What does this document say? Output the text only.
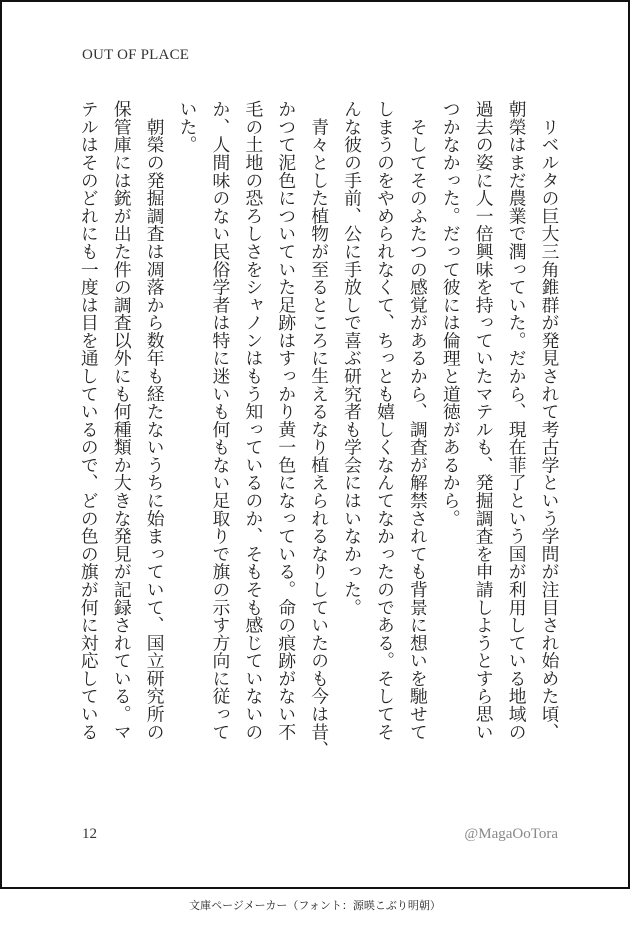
OUT OF PLACE
　リベルタの巨大三角錐群が発見されて考古学という学問が注目され始めた頃、
朝榮はまだ農業で潤っていた。だから、現在菲了という国が利用している地域の
過去の姿に人一倍興味を持っていたマテルも、発掘調査を申請しようとすら思い
つかなかった。だって彼には倫理と道徳があるから。
　そしてそのふたつの感覚があるから、調査が解禁されても背景に想いを馳せて
しまうのをやめられなくて、ちっとも嬉しくなんてなかったのである。そしてそ
んな彼の手前、公に手放しで喜ぶ研究者も学会にはいなかった。
　青々とした植物が至るところに生えるなり植えられるなりしていたのも今は昔、
かつて泥色についていた足跡はすっかり黄一色になっている。命の痕跡がない不
毛の土地の恐ろしさをシャノンはもう知っているのか、そもそも感じていないの
か、人間味のない民俗学者は特に迷いも何もない足取りで旗の示す方向に従って
いた。
　朝榮の発掘調査は凋落から数年も経たないうちに始まっていて、国立研究所の
保管庫には銃が出た件の調査以外にも何種類か大きな発見が記録されている。マ
テルはそのどれにも一度は目を通しているので、どの色の旗が何に対応している
12	@MagaOoTora
文庫ページメーカー（フォント：源暎こぶり明朝）
